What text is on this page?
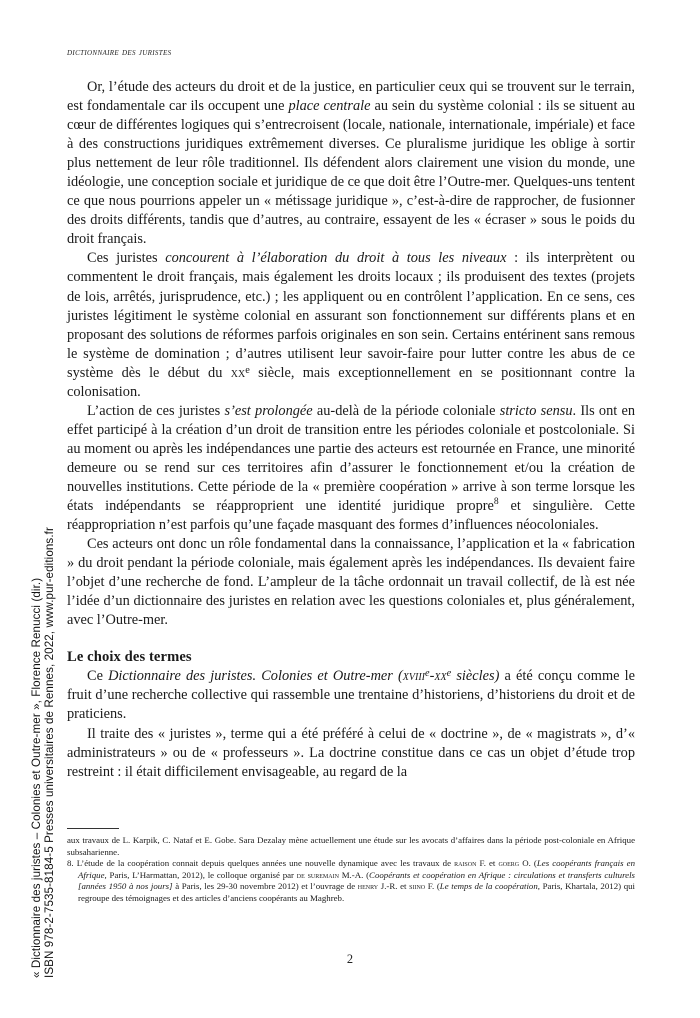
« Dictionnaire des juristes – Colonies et Outre-mer », Florence Renucci (dir.) ISBN 978-2-7535-8184-5 Presses universitaires de Rennes, 2022, www.pur-editions.fr
dictionnaire des juristes

Or, l’étude des acteurs du droit et de la justice, en particulier ceux qui se trouvent sur le terrain, est fondamentale car ils occupent une place centrale au sein du système colonial : ils se situent au cœur de différentes logiques qui s’entrecroisent (locale, nationale, internationale, impériale) et face à des constructions juridiques extrêmement diverses. Ce pluralisme juridique les oblige à sortir plus nettement de leur rôle traditionnel. Ils défendent alors clairement une vision du monde, une idéologie, une conception sociale et juridique de ce que doit être l’Outre-mer. Quelques-uns tentent ce que nous pourrions appeler un « métissage juridique », c’est-à-dire de rapprocher, de fusionner des droits différents, tandis que d’autres, au contraire, essayent de les « écraser » sous le poids du droit français.

Ces juristes concourent à l’élaboration du droit à tous les niveaux : ils interprètent ou commentent le droit français, mais également les droits locaux ; ils produisent des textes (projets de lois, arrêtés, jurisprudence, etc.) ; les appliquent ou en contrôlent l’application. En ce sens, ces juristes légitiment le système colonial en assurant son fonctionnement sur différents plans et en proposant des solutions de réformes parfois originales en son sein. Certains entérinent sans remous le système de domination ; d’autres utilisent leur savoir-faire pour lutter contre les abus de ce système dès le début du $xx^e$ siècle, mais exceptionnellement en se positionnant contre la colonisation.

L’action de ces juristes s’est prolongée au-delà de la période coloniale stricto sensu. Ils ont en effet participé à la création d’un droit de transition entre les périodes coloniale et postcoloniale. Si au moment ou après les indépendances une partie des acteurs est retournée en France, une minorité demeure ou se rend sur ces territoires afin d’assurer le fonctionnement et/ou la création de nouvelles institutions. Cette période de la « première coopération » arrive à son terme lorsque les états indépendants se réapproprient une identité juridique propre$^8$ et singulière. Cette réappropriation n’est parfois qu’une façade masquant des formes d’influences néocoloniales.

Ces acteurs ont donc un rôle fondamental dans la connaissance, l’application et la « fabrication » du droit pendant la période coloniale, mais également après les indépendances. Ils devaient faire l’objet d’une recherche de fond. L’ampleur de la tâche ordonnait un travail collectif, de là est née l’idée d’un dictionnaire des juristes en relation avec les questions coloniales et, plus généralement, avec l’Outre-mer.

Le choix des termes

Ce Dictionnaire des juristes. Colonies et Outre-mer ($xviii^e-xx^e$ siècles) a été conçu comme le fruit d’une recherche collective qui rassemble une trentaine d’historiens, d’historiens du droit et de praticiens.

Il traite des « juristes », terme qui a été préféré à celui de « doctrine », de « magistrats », d’« administrateurs » ou de « professeurs ». La doctrine constitue dans ce cas un objet d’étude trop restreint : il était difficilement envisageable, au regard de la

aux travaux de L. Karpik, C. Nataf et E. Gobe. Sara Dezalay mène actuellement une étude sur les avocats d’affaires dans la période post-coloniale en Afrique subsaharienne.

8. L’étude de la coopération connait depuis quelques années une nouvelle dynamique avec les travaux de raison F. et goerg O. (Les coopérants français en Afrique, Paris, L’Harmattan, 2012), le colloque organisé par de suremain M.-A. (Coopérants et coopération en Afrique : circulations et transferts culturels [années 1950 à nos jours] à Paris, les 29-30 novembre 2012) et l’ouvrage de henry J.-R. et siino F. (Le temps de la coopération, Paris, Khartala, 2012) qui regroupe des témoignages et des articles d’anciens coopérants au Maghreb.

2
